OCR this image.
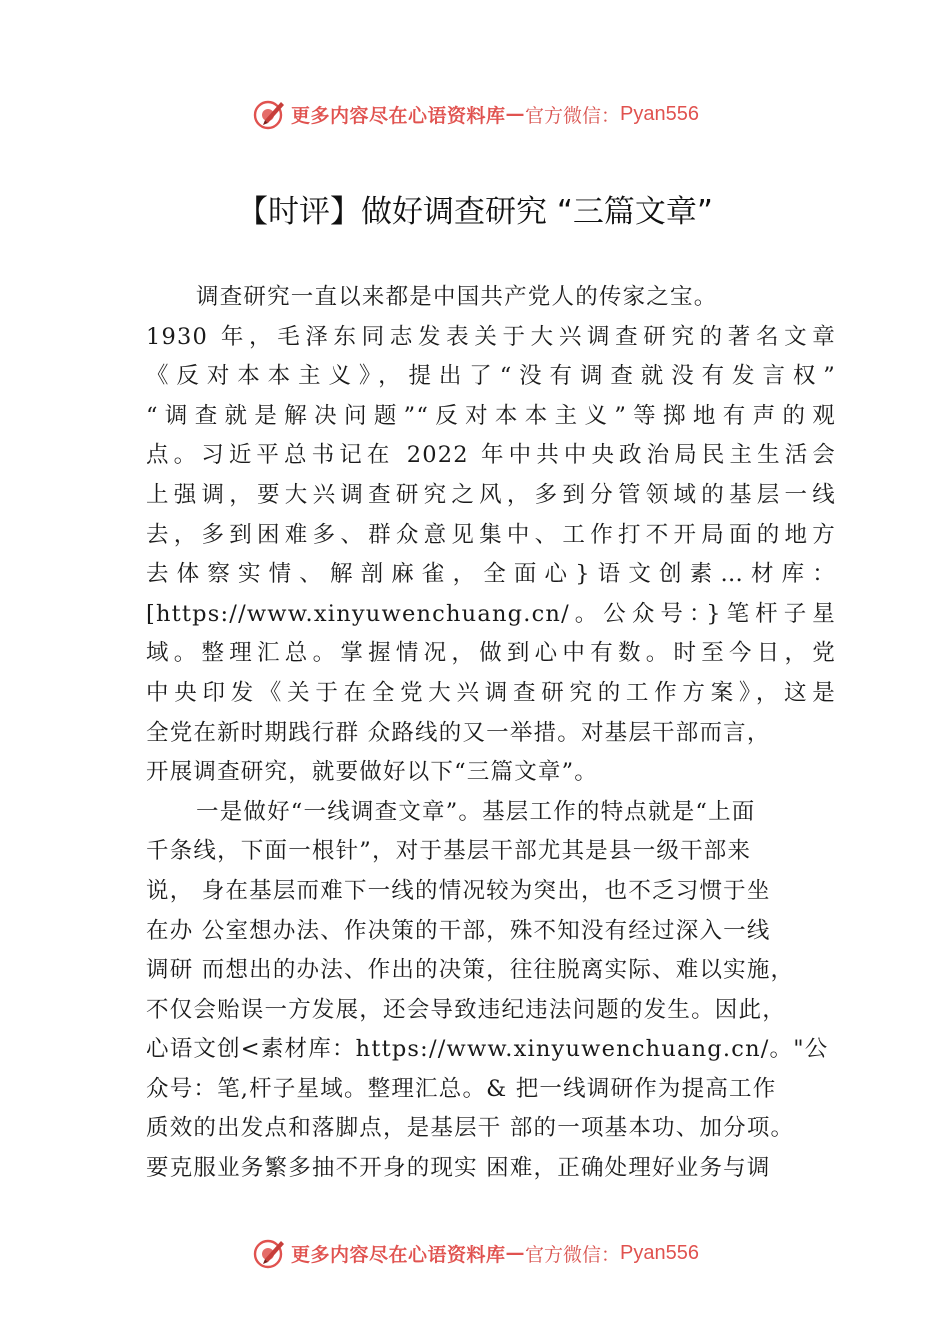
更多内容尽在心语资料库 — 官方微信： Pyan556
【时评】做好调查研究 “三篇文章”
调查研究一直以来都是中国共产党人的传家之宝。
1930 年，毛泽东同志发表关于大兴调查研究的著名文章
《反对本本主义》，提出了“没有调查就没有发言权”
“调查就是解决问题”“反对本本主义”等掷地有声的观
点。习近平总书记在 2022 年中共中央政治局民主生活会
上强调，要大兴调查研究之风，多到分管领域的基层一线
去，多到困难多、群众意见集中、工作打不开局面的地方
去体察实情、解剖麻雀，全面心}语文创素…材库：
[https://www.xinyuwenchuang.cn/。公众号：}笔杆子星
域。整理汇总。掌握情况，做到心中有数。时至今日，党
中央印发《关于在全党大兴调查研究的工作方案》，这是
全党在新时期践行群 众路线的又一举措。对基层干部而言，
开展调查研究，就要做好以下“三篇文章”。
一是做好“一线调查文章”。基层工作的特点就是“上面
千条线，下面一根针”，对于基层干部尤其是县一级干部来
说， 身在基层而难下一线的情况较为突出，也不乏习惯于坐
在办 公室想办法、作决策的干部，殊不知没有经过深入一线
调研 而想出的办法、作出的决策，往往脱离实际、难以实施，
不仅会贻误一方发展，还会导致违纪违法问题的发生。因此，
心语文创<素材库：https://www.xinyuwenchuang.cn/。"公
众号：笔,杆子星域。整理汇总。& 把一线调研作为提高工作
质效的出发点和落脚点，是基层干 部的一项基本功、加分项。
要克服业务繁多抽不开身的现实 困难，正确处理好业务与调
更多内容尽在心语资料库 — 官方微信： Pyan556
